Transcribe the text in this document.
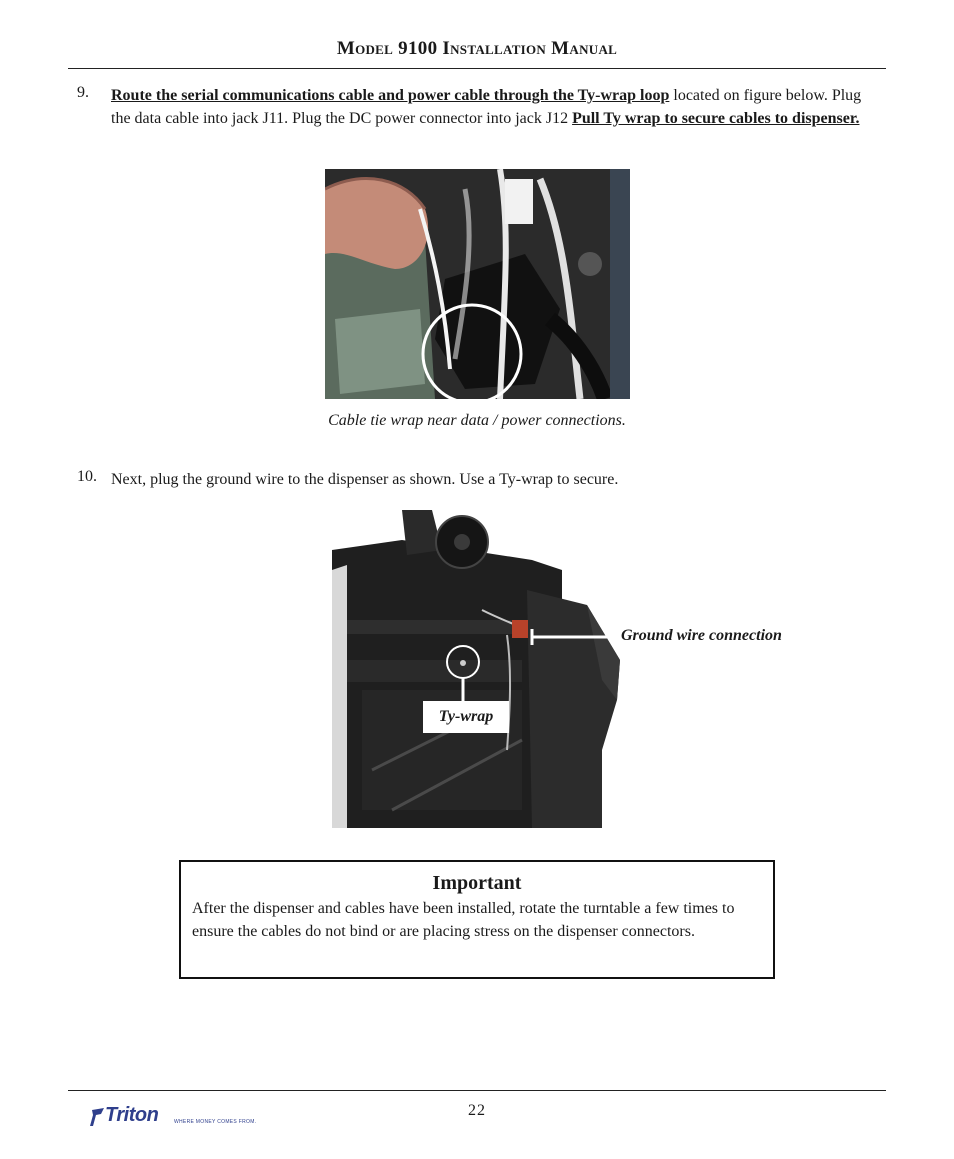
Model 9100 Installation Manual
9. Route the serial communications cable and power cable through the Ty-wrap loop located on figure below. Plug the data cable into jack J11. Plug the DC power connector into jack J12 Pull Ty wrap to secure cables to dispenser.
Cable tie wrap near data / power connections.
10. Next, plug the ground wire to the dispenser as shown. Use a Ty-wrap to secure.
Ground wire connection
Ty-wrap
Important
After the dispenser and cables have been installed, rotate the turntable a few times to ensure the cables do not bind or are placing stress on the dispenser connectors.
22
Triton	WHERE MONEY COMES FROM.
